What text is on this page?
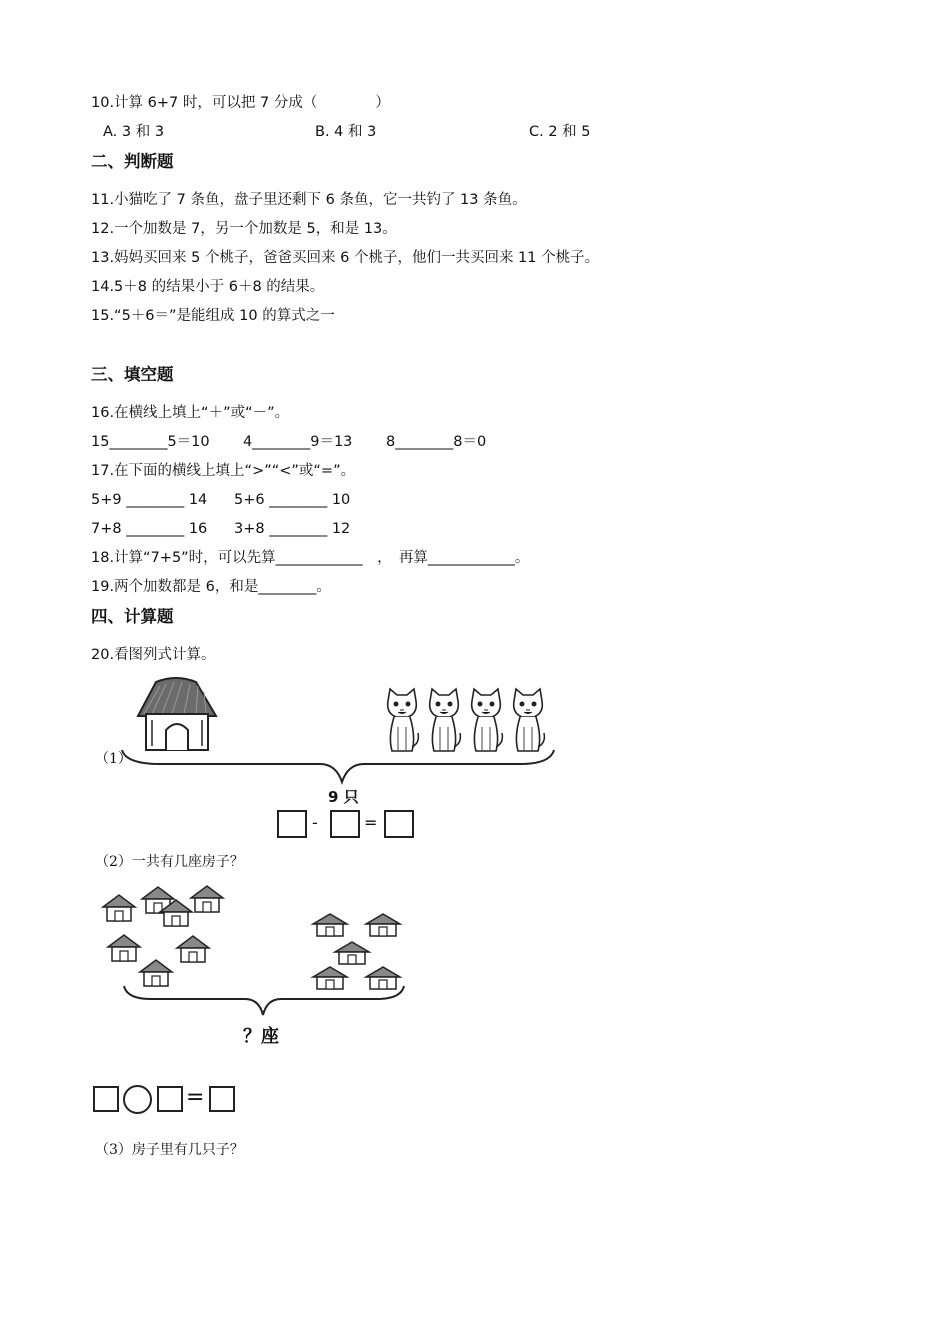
10.计算 6+7 时，可以把 7 分成（　　　　）
A. 3 和 3	B. 4 和 3	C. 2 和 5
二、判断题
11.小猫吃了 7 条鱼，盘子里还剩下 6 条鱼，它一共钓了 13 条鱼。
12.一个加数是 7，另一个加数是 5，和是 13。
13.妈妈买回来 5 个桃子，爸爸买回来 6 个桃子，他们一共买回来 11 个桃子。
14.5＋8 的结果小于 6＋8 的结果。
15.“5＋6＝”是能组成 10 的算式之一
三、填空题
16.在横线上填上“＋”或“－”。
15________5＝10 4________9＝13 8________8＝0
17.在下面的横线上填上“>”“<”或“=”。
5+9 ________ 14 5+6 ________ 10
7+8 ________ 16 3+8 ________ 12
18.计算“7+5”时，可以先算____________　，　再算____________。
19.两个加数都是 6，和是________。
四、计算题
20.看图列式计算。
（1）
9 只
-	=
（2）一共有几座房子？
？座
=
（3）房子里有几只子？
